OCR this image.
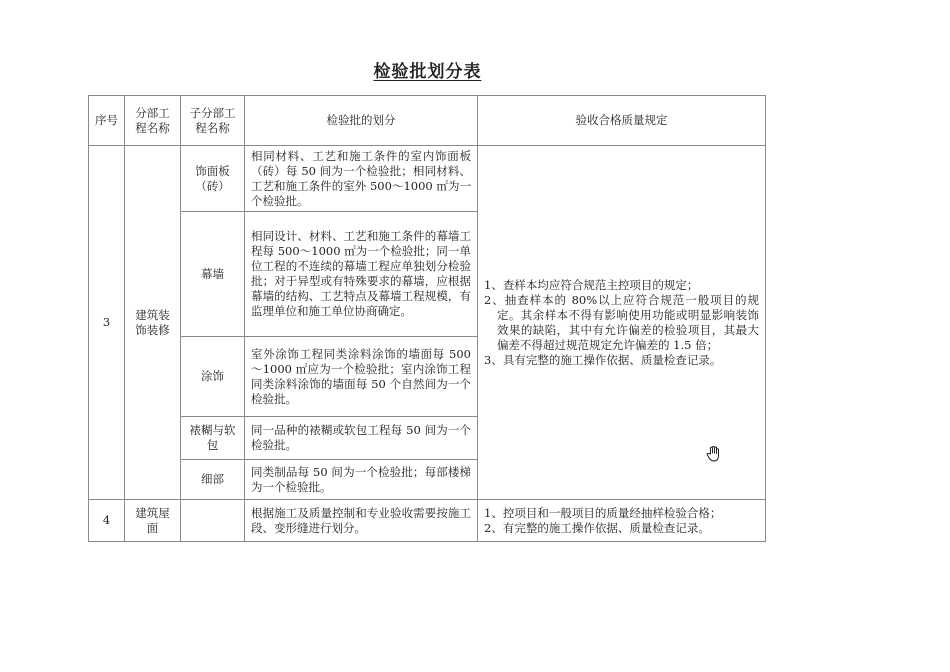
检验批划分表
序号	分部工程名称	子分部工程名称	检验批的划分	验收合格质量规定
3	建筑装饰装修	饰面板（砖）	相同材料、工艺和施工条件的室内饰面板（砖）每 50 间为一个检验批；相同材料、工艺和施工条件的室外 500～1000 ㎡为一个检验批。	1、查样本均应符合规范主控项目的规定；
2、抽查样本的 80%以上应符合规范一般项目的规定。其余样本不得有影响使用功能或明显影响装饰效果的缺陷，其中有允许偏差的检验项目，其最大偏差不得超过规范规定允许偏差的 1.5 倍；
3、具有完整的施工操作依据、质量检查记录。

		幕墙	相同设计、材料、工艺和施工条件的幕墙工程每 500～1000 ㎡为一个检验批；同一单位工程的不连续的幕墙工程应单独划分检验批；对于异型或有特殊要求的幕墙，应根据幕墙的结构、工艺特点及幕墙工程规模，有监理单位和施工单位协商确定。	
		涂饰	室外涂饰工程同类涂料涂饰的墙面每 500～1000 ㎡应为一个检验批；室内涂饰工程同类涂料涂饰的墙面每 50 个自然间为一个检验批。	
		裱糊与软包	同一品种的裱糊或软包工程每 50 间为一个检验批。	
		细部	同类制品每 50 间为一个检验批；每部楼梯为一个检验批。	
4	建筑屋面		根据施工及质量控制和专业验收需要按施工段、变形缝进行划分。	1、控项目和一般项目的质量经抽样检验合格；
2、有完整的施工操作依据、质量检查记录。
